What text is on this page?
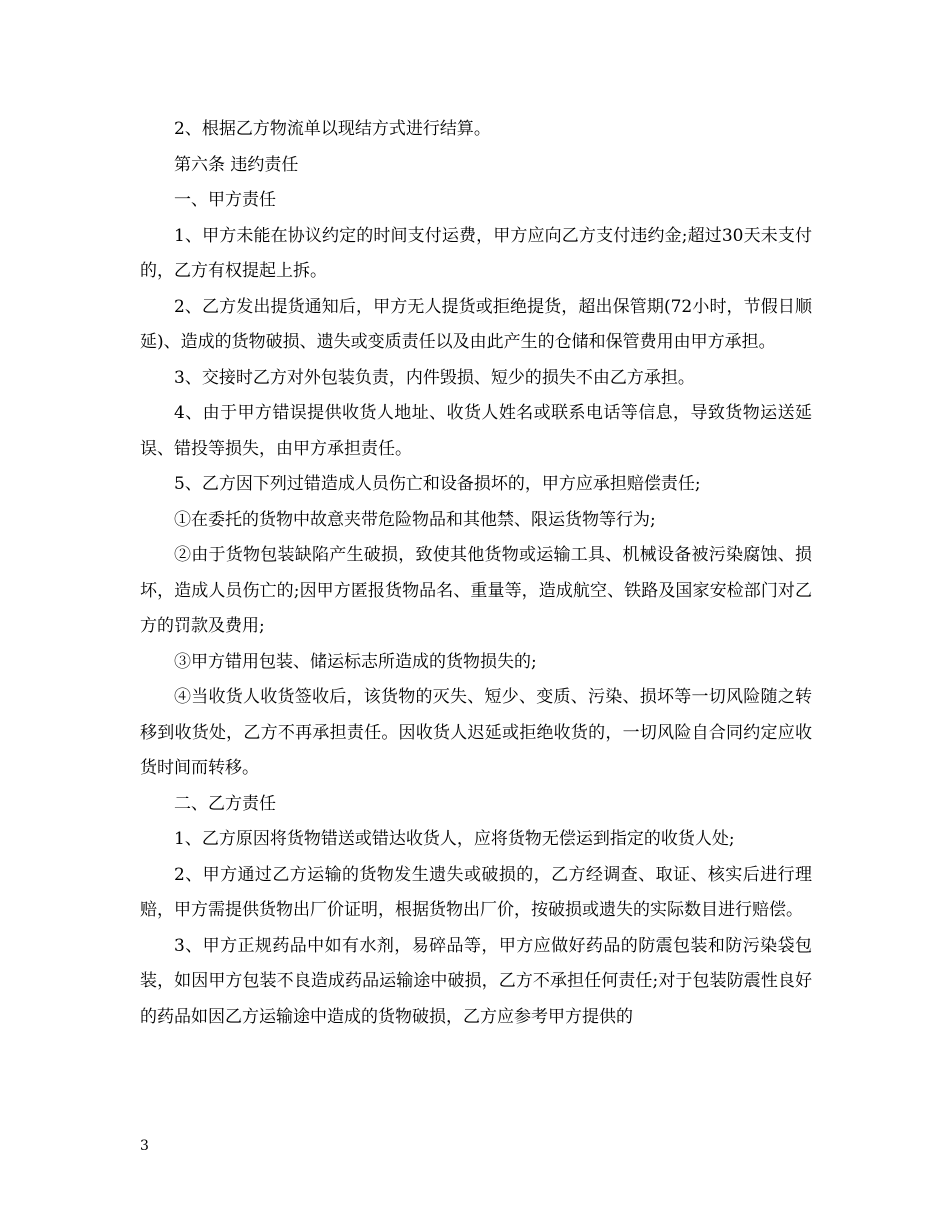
2、根据乙方物流单以现结方式进行结算。

第六条 违约责任

一、甲方责任

1、甲方未能在协议约定的时间支付运费，甲方应向乙方支付违约金;超过30天未支付的，乙方有权提起上拆。

2、乙方发出提货通知后，甲方无人提货或拒绝提货，超出保管期(72小时，节假日顺延)、造成的货物破损、遗失或变质责任以及由此产生的仓储和保管费用由甲方承担。

3、交接时乙方对外包装负责，内件毁损、短少的损失不由乙方承担。

4、由于甲方错误提供收货人地址、收货人姓名或联系电话等信息，导致货物运送延误、错投等损失，由甲方承担责任。

5、乙方因下列过错造成人员伤亡和设备损坏的，甲方应承担赔偿责任;

①在委托的货物中故意夹带危险物品和其他禁、限运货物等行为;

②由于货物包装缺陷产生破损，致使其他货物或运输工具、机械设备被污染腐蚀、损坏，造成人员伤亡的;因甲方匿报货物品名、重量等，造成航空、铁路及国家安检部门对乙方的罚款及费用;

③甲方错用包装、储运标志所造成的货物损失的;

④当收货人收货签收后，该货物的灭失、短少、变质、污染、损坏等一切风险随之转移到收货处，乙方不再承担责任。因收货人迟延或拒绝收货的，一切风险自合同约定应收货时间而转移。

二、乙方责任

1、乙方原因将货物错送或错达收货人，应将货物无偿运到指定的收货人处;

2、甲方通过乙方运输的货物发生遗失或破损的，乙方经调查、取证、核实后进行理赔，甲方需提供货物出厂价证明，根据货物出厂价，按破损或遗失的实际数目进行赔偿。

3、甲方正规药品中如有水剂，易碎品等，甲方应做好药品的防震包装和防污染袋包装，如因甲方包装不良造成药品运输途中破损，乙方不承担任何责任;对于包装防震性良好的药品如因乙方运输途中造成的货物破损，乙方应参考甲方提供的

3
